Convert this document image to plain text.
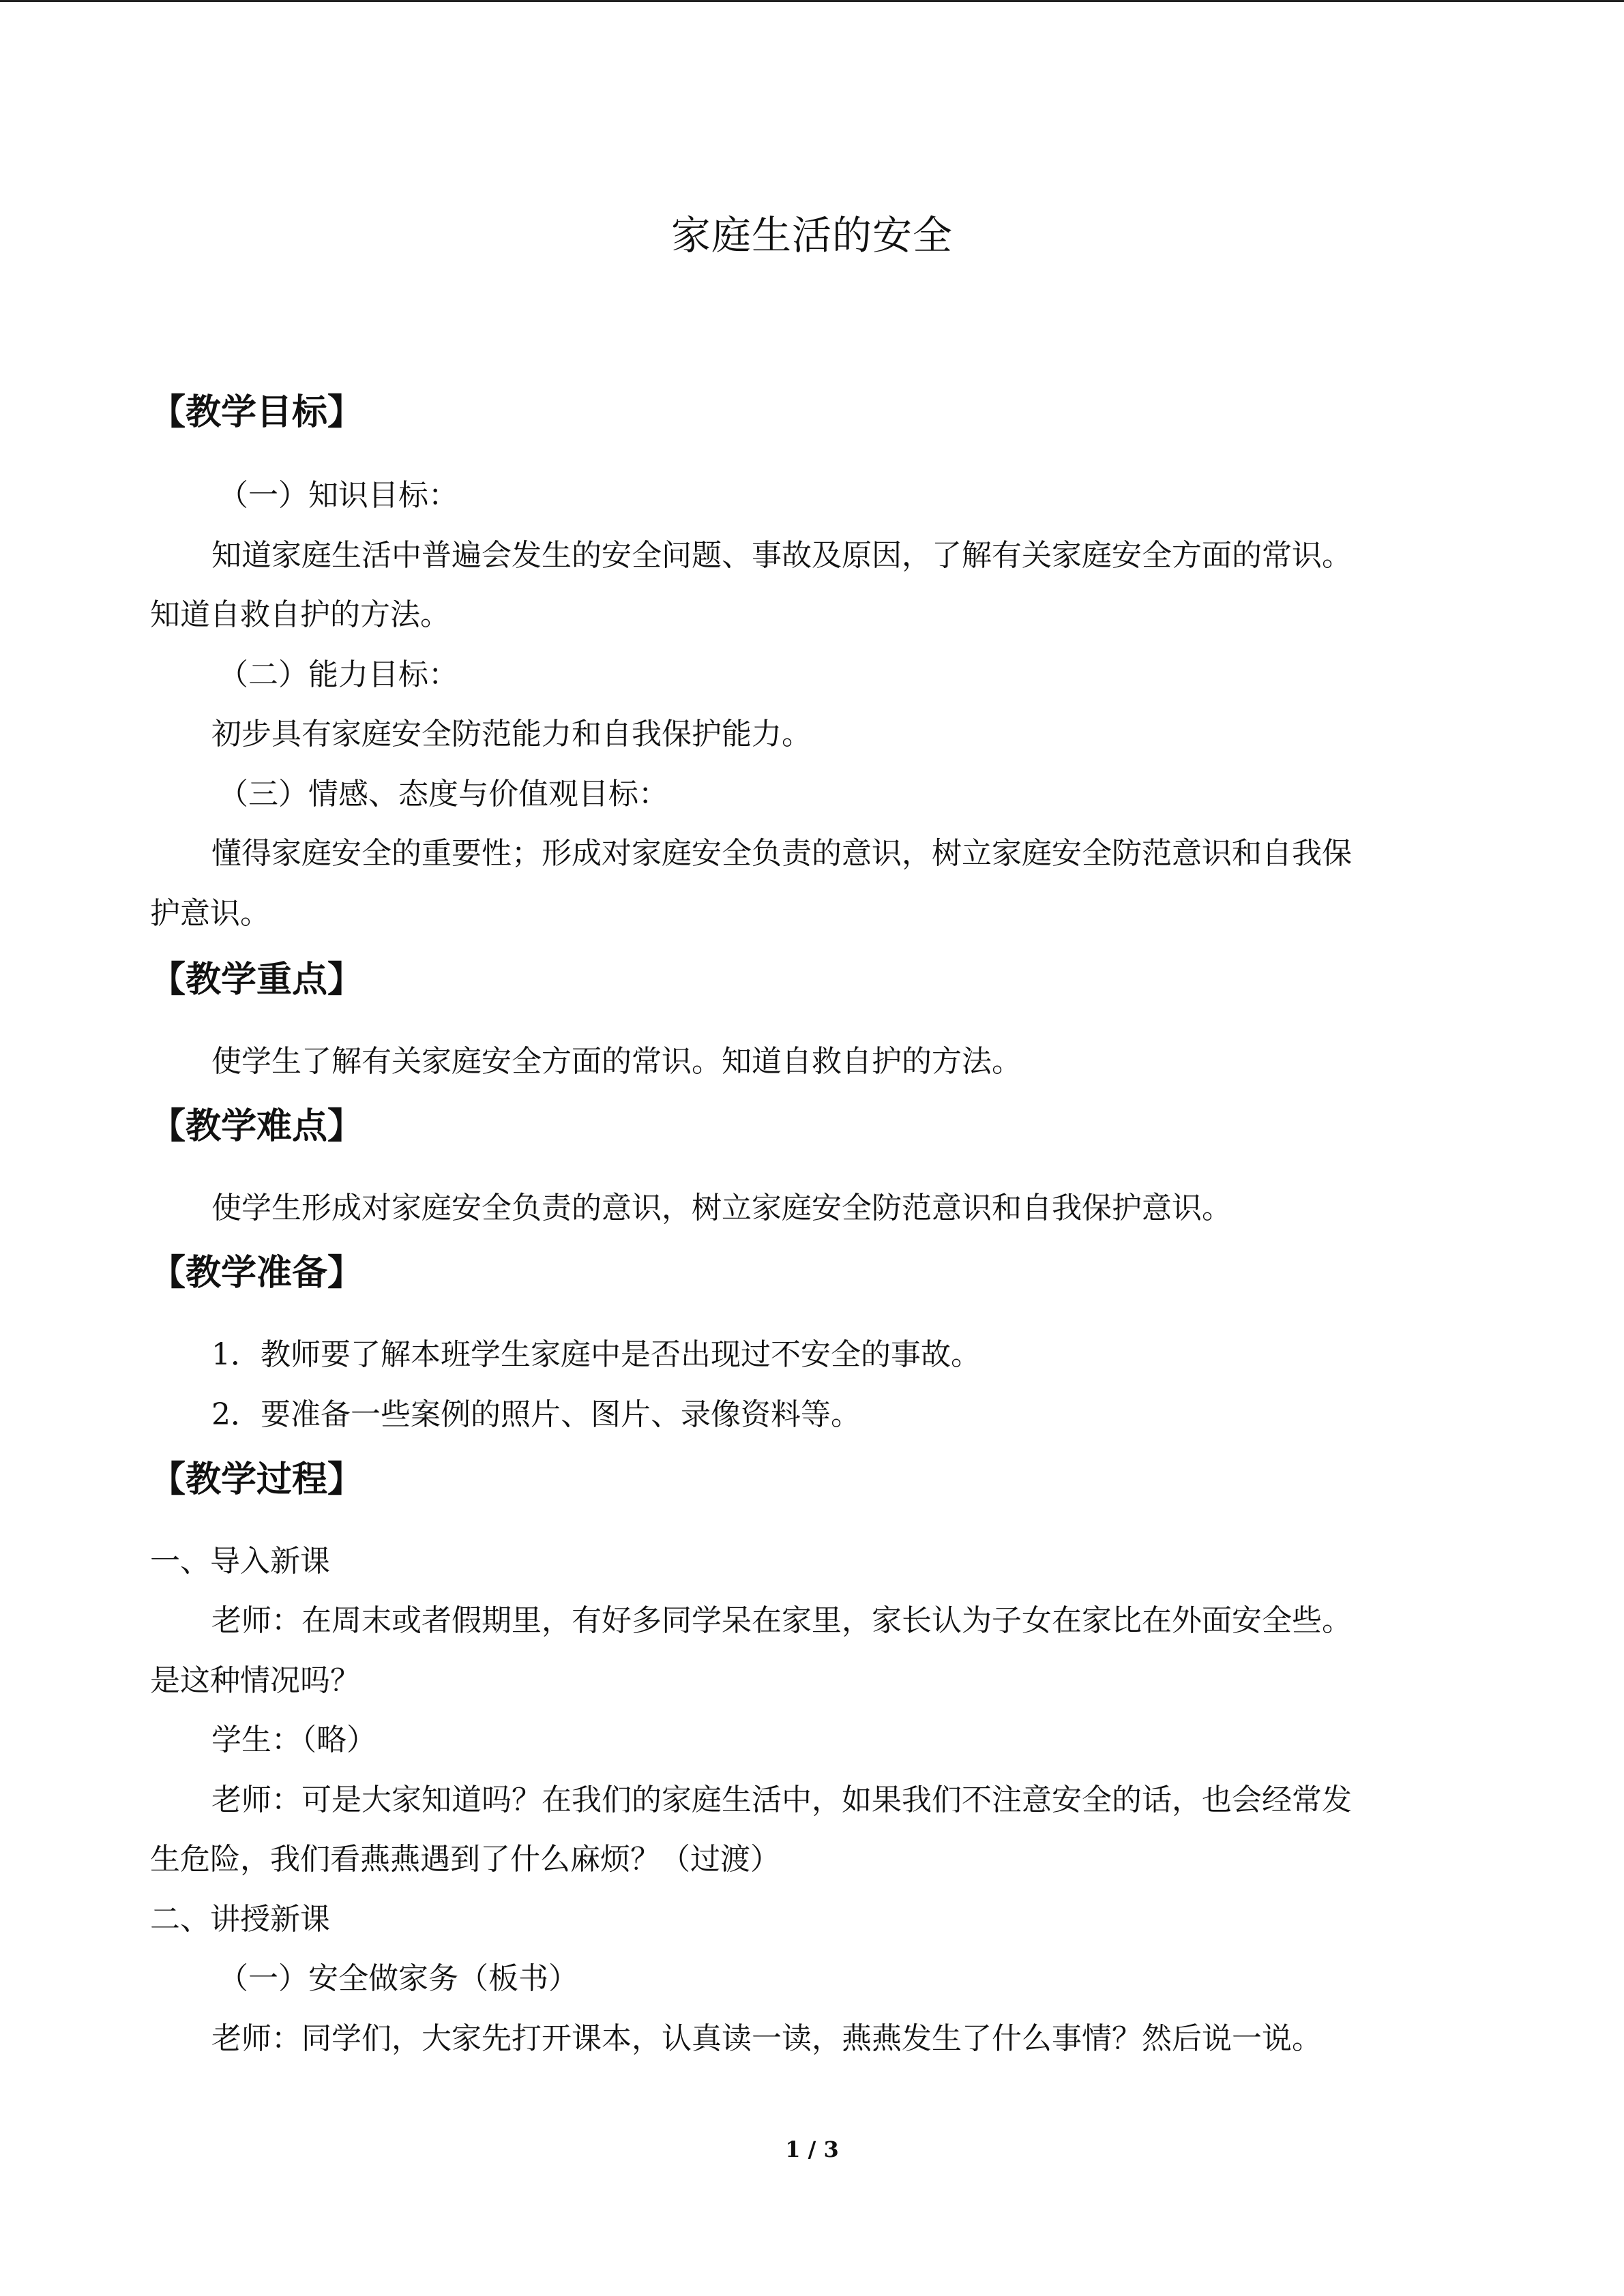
家庭生活的安全
【教学目标】
（一）知识目标：
知道家庭生活中普遍会发生的安全问题、事故及原因，了解有关家庭安全方面的常识。
知道自救自护的方法。
（二）能力目标：
初步具有家庭安全防范能力和自我保护能力。
（三）情感、态度与价值观目标：
懂得家庭安全的重要性；形成对家庭安全负责的意识，树立家庭安全防范意识和自我保
护意识。
【教学重点】
使学生了解有关家庭安全方面的常识。知道自救自护的方法。
【教学难点】
使学生形成对家庭安全负责的意识，树立家庭安全防范意识和自我保护意识。
【教学准备】
1．教师要了解本班学生家庭中是否出现过不安全的事故。
2．要准备一些案例的照片、图片、录像资料等。
【教学过程】
一、导入新课
老师：在周末或者假期里，有好多同学呆在家里，家长认为子女在家比在外面安全些。
是这种情况吗？
学生：（略）
老师：可是大家知道吗？在我们的家庭生活中，如果我们不注意安全的话，也会经常发
生危险，我们看燕燕遇到了什么麻烦？（过渡）
二、讲授新课
（一）安全做家务（板书）
老师：同学们，大家先打开课本，认真读一读，燕燕发生了什么事情？然后说一说。
1 / 3
